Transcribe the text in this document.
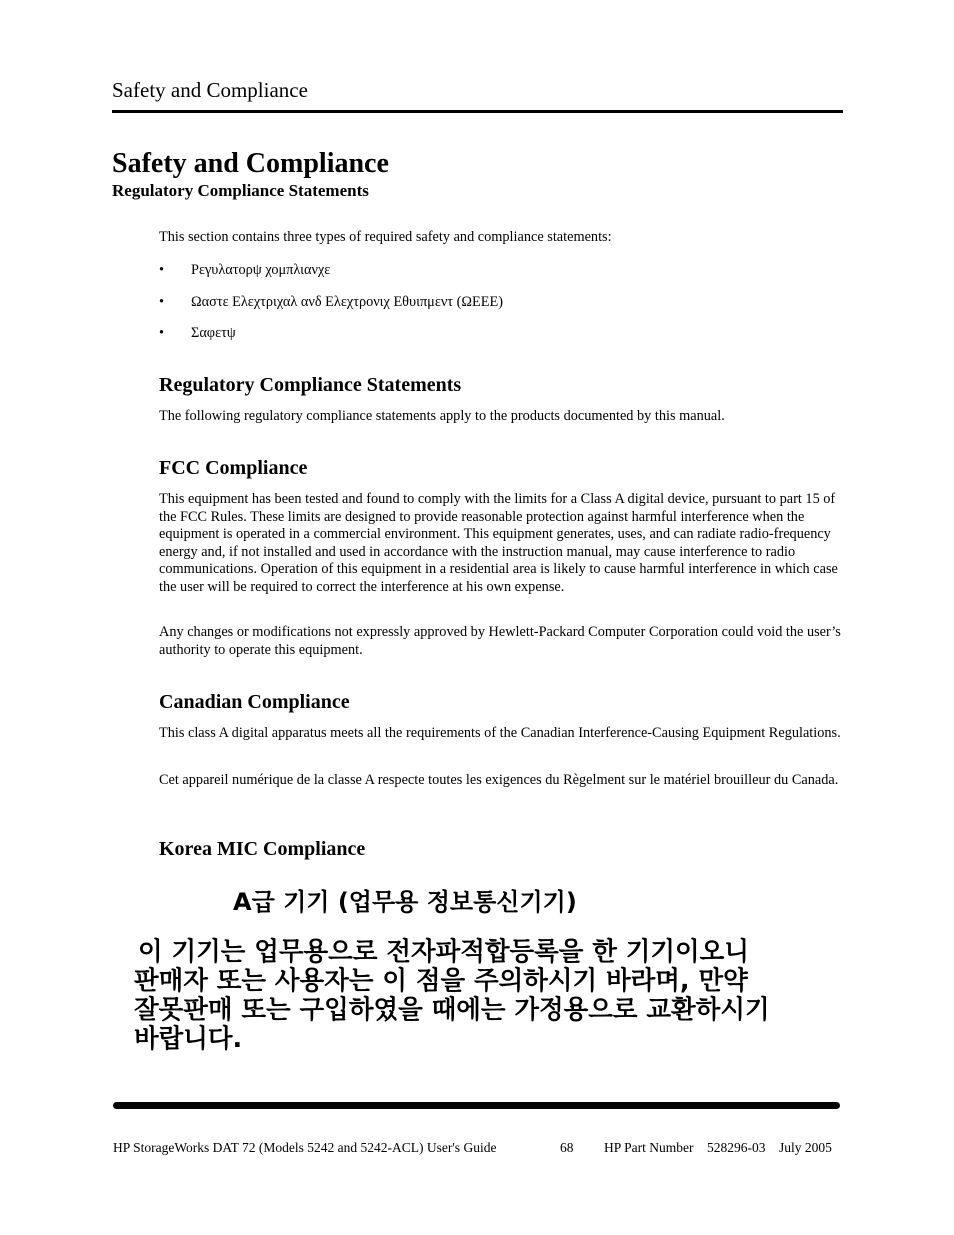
Safety and Compliance
Safety and Compliance
Regulatory Compliance Statements

This section contains three types of required safety and compliance statements:

•	Ρεγυλατορψ χομπλιανχε
•	Ωαστε Ελεχτριχαλ ανδ Ελεχτρονιχ Εθυιπμεντ (ΩΕΕΕ)
•	Σαφετψ
Regulatory Compliance Statements

The following regulatory compliance statements apply to the products documented by this manual.

FCC Compliance

This equipment has been tested and found to comply with the limits for a Class A digital device, pursuant to part 15 of the FCC Rules. These limits are designed to provide reasonable protection against harmful interference when the equipment is operated in a commercial environment. This equipment generates, uses, and can radiate radio-frequency energy and, if not installed and used in accordance with the instruction manual, may cause interference to radio communications. Operation of this equipment in a residential area is likely to cause harmful interference in which case the user will be required to correct the interference at his own expense.

Any changes or modifications not expressly approved by Hewlett-Packard Computer Corporation could void the user’s authority to operate this equipment.

Canadian Compliance

This class A digital apparatus meets all the requirements of the Canadian Interference-Causing Equipment Regulations.

Cet appareil numérique de la classe A respecte toutes les exigences du Règelment sur le matériel brouilleur du Canada.

Korea MIC Compliance
A급 기기 (업무용 정보통신기기)
이 기기는 업무용으로 전자파적합등록을 한 기기이오니
판매자 또는 사용자는 이 점을 주의하시기 바라며, 만약
잘못판매 또는 구입하였을 때에는 가정용으로 교환하시기
바랍니다.
HP StorageWorks DAT 72 (Models 5242 and 5242-ACL) User's Guide	68 HP Part Number 528296-03 July 2005
